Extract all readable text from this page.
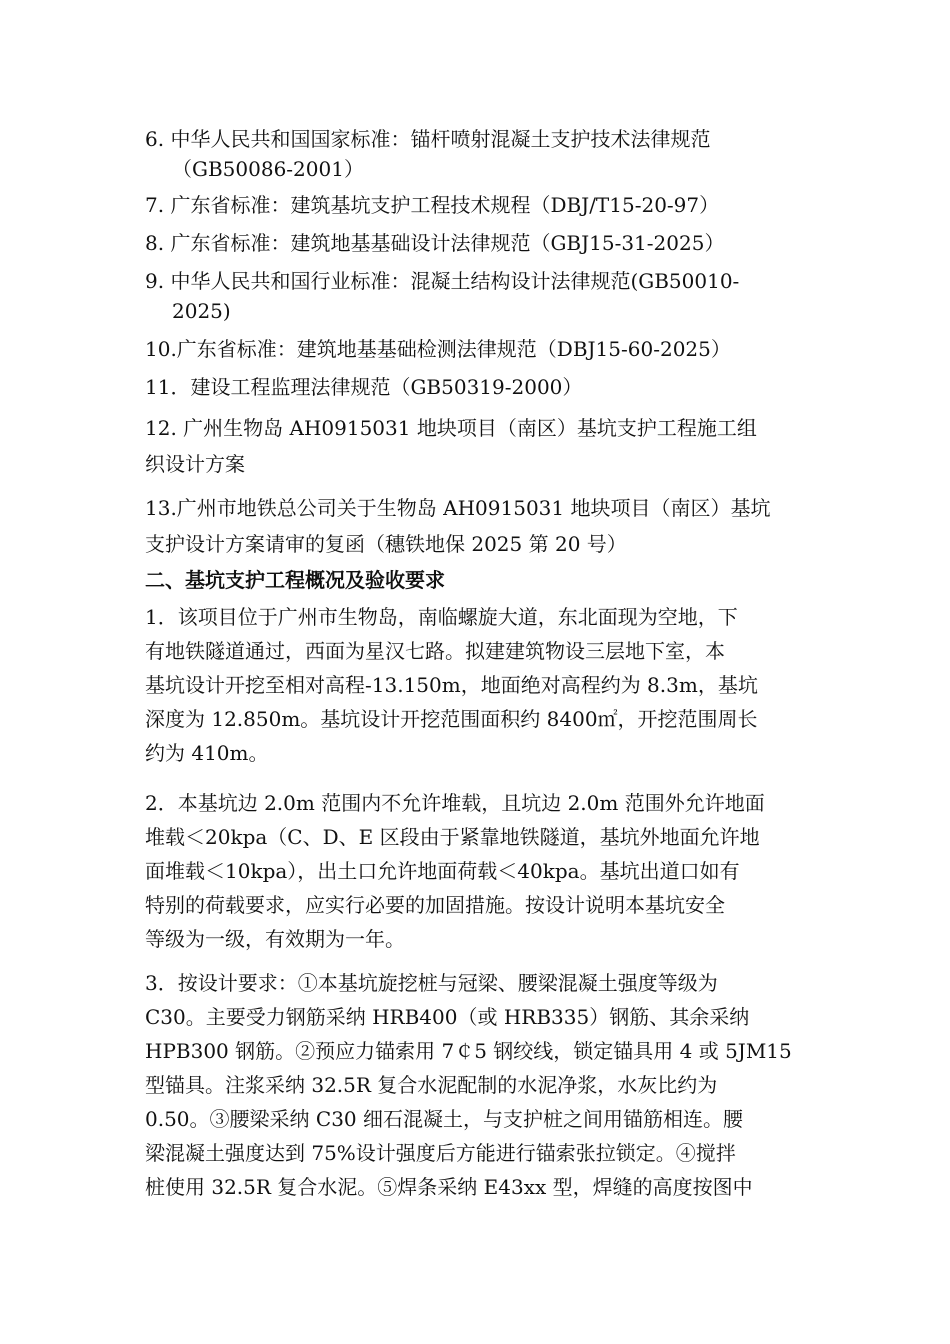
6. 中华人民共和国国家标准：锚杆喷射混凝土支护技术法律规范
（GB50086-2001）

7. 广东省标准：建筑基坑支护工程技术规程（DBJ/T15-20-97）

8. 广东省标准：建筑地基基础设计法律规范（GBJ15-31-2025）

9. 中华人民共和国行业标准：混凝土结构设计法律规范(GB50010-
2025)

10.广东省标准：建筑地基基础检测法律规范（DBJ15-60-2025）

11．建设工程监理法律规范（GB50319-2000）

12. 广州生物岛 AH0915031 地块项目（南区）基坑支护工程施工组
织设计方案

13.广州市地铁总公司关于生物岛 AH0915031 地块项目（南区）基坑
支护设计方案请审的复函（穗铁地保 2025 第 20 号）

二、基坑支护工程概况及验收要求

1．该项目位于广州市生物岛，南临螺旋大道，东北面现为空地，下

有地铁隧道通过，西面为星汉七路。拟建建筑物设三层地下室，本

基坑设计开挖至相对高程-13.150m，地面绝对高程约为 8.3m，基坑

深度为 12.850m。基坑设计开挖范围面积约 8400㎡，开挖范围周长

约为 410m。

2．本基坑边 2.0m 范围内不允许堆载，且坑边 2.0m 范围外允许地面

堆载＜20kpa（C、D、E 区段由于紧靠地铁隧道，基坑外地面允许地

面堆载＜10kpa），出土口允许地面荷载＜40kpa。基坑出道口如有

特别的荷载要求，应实行必要的加固措施。按设计说明本基坑安全

等级为一级，有效期为一年。

3．按设计要求：①本基坑旋挖桩与冠梁、腰梁混凝土强度等级为

C30。主要受力钢筋采纳 HRB400（或 HRB335）钢筋、其余采纳

HPB300 钢筋。②预应力锚索用 7￠5 钢绞线，锁定锚具用 4 或 5JM15

型锚具。注浆采纳 32.5R 复合水泥配制的水泥净浆，水灰比约为

0.50。③腰梁采纳 C30 细石混凝土，与支护桩之间用锚筋相连。腰

梁混凝土强度达到 75%设计强度后方能进行锚索张拉锁定。④搅拌

桩使用 32.5R 复合水泥。⑤焊条采纳 E43xx 型，焊缝的高度按图中
